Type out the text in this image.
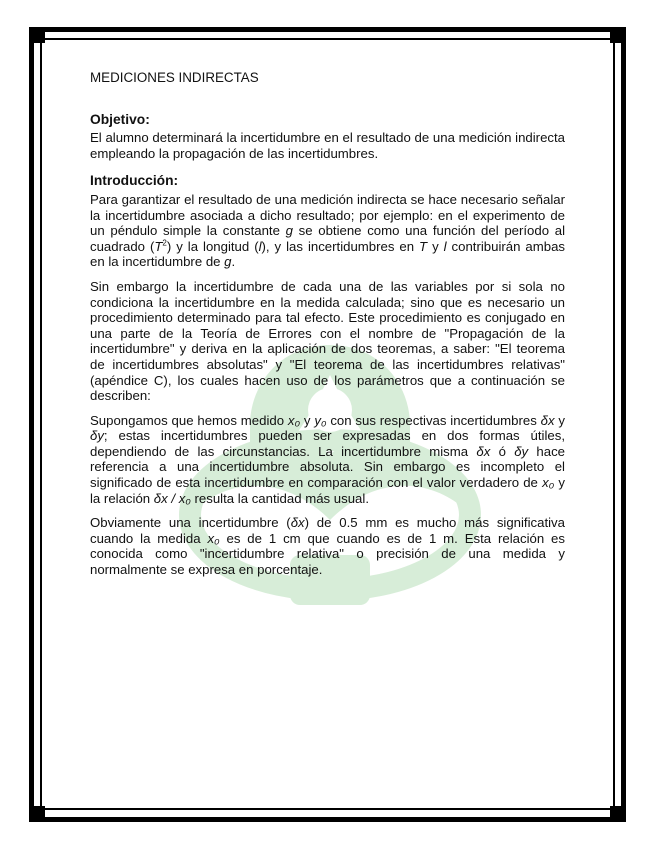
MEDICIONES INDIRECTAS
Objetivo:

El alumno determinará la incertidumbre en el resultado de una medición indirecta empleando la propagación de las incertidumbres.

Introducción:

Para garantizar el resultado de una medición indirecta se hace necesario señalar la incertidumbre asociada a dicho resultado; por ejemplo: en el experimento de un péndulo simple la constante g se obtiene como una función del período al cuadrado $(T^2)$ y la longitud (l), y las incertidumbres en T y l contribuirán ambas en la incertidumbre de g.

Sin embargo la incertidumbre de cada una de las variables por si sola no condiciona la incertidumbre en la medida calculada; sino que es necesario un procedimiento determinado para tal efecto. Este procedimiento es conjugado en una parte de la Teoría de Errores con el nombre de "Propagación de la incertidumbre" y deriva en la aplicación de dos teoremas, a saber: "El teorema de incertidumbres absolutas" y "El teorema de las incertidumbres relativas" (apéndice C), los cuales hacen uso de los parámetros que a continuación se describen:

Supongamos que hemos medido x₀ y y₀ con sus respectivas incertidumbres δx y δy; estas incertidumbres pueden ser expresadas en dos formas útiles, dependiendo de las circunstancias. La incertidumbre misma δx ó δy hace referencia a una incertidumbre absoluta. Sin embargo es incompleto el significado de esta incertidumbre en comparación con el valor verdadero de x₀ y la relación δx / x₀ resulta la cantidad más usual.

Obviamente una incertidumbre (δx) de 0.5 mm es mucho más significativa cuando la medida x₀ es de 1 cm que cuando es de 1 m. Esta relación es conocida como "incertidumbre relativa" o precisión de una medida y normalmente se expresa en porcentaje.
